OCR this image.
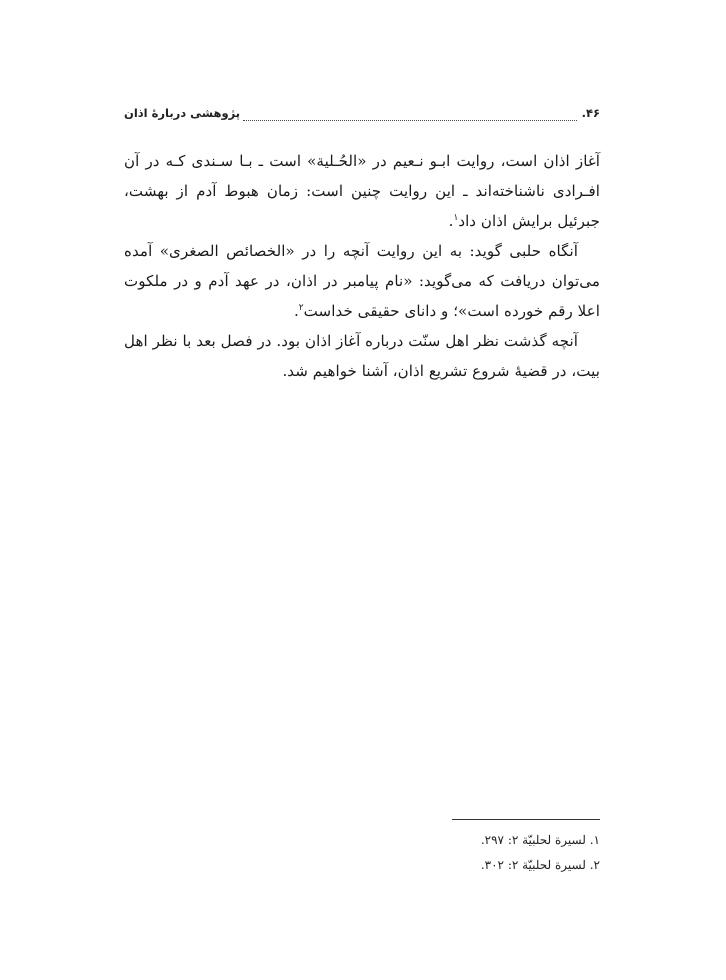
۴۶.
پژوهشی دربارهٔ اذان

آغاز اذان است، روایت ابـو نـعیم در «الحُـلیة» است ـ بـا سـندی کـه در آن افـرادی ناشناخته‌اند ـ این روایت چنین است: زمان هبوط آدم از بهشت، جبرئیل برایش اذان داد$^۱$.

آنگاه حلبی گوید: به این روایت آنچه را در «الخصائص الصغری» آمده می‌توان دریافت که می‌گوید: «نام پیامبر در اذان، در عهد آدم و در ملکوت اعلا رقم خورده است»؛ و دانای حقیقی خداست$^۲$.

آنچه گذشت نظر اهل سنّت درباره آغاز اذان بود. در فصل بعد با نظر اهل بیت، در قضیهٔ شروع تشریع اذان، آشنا خواهیم شد.

۱. لسیرة لحلبیّة ۲: ۲۹۷.
۲. لسیرة لحلبیّة ۲: ۳۰۲.
